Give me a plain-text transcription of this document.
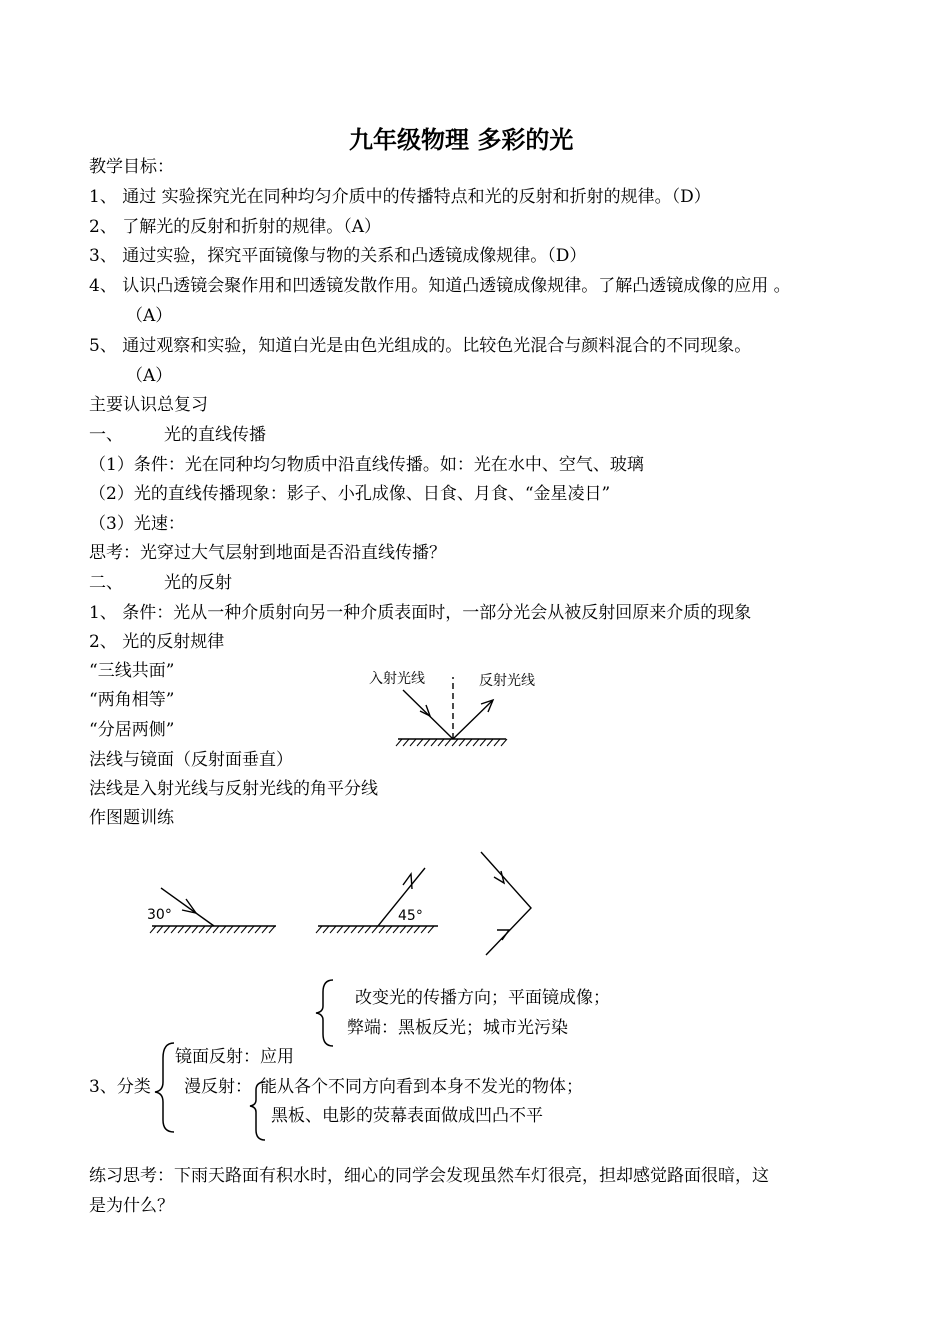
九年级物理 多彩的光
教学目标：
1、 通过 实验探究光在同种均匀介质中的传播特点和光的反射和折射的规律。（D）
2、 了解光的反射和折射的规律。（A）
3、 通过实验，探究平面镜像与物的关系和凸透镜成像规律。（D）
4、 认识凸透镜会聚作用和凹透镜发散作用。知道凸透镜成像规律。了解凸透镜成像的应用 。
（A）
5、 通过观察和实验，知道白光是由色光组成的。比较色光混合与颜料混合的不同现象。
（A）
主要认识总复习
一、 光的直线传播
（1）条件：光在同种均匀物质中沿直线传播。如：光在水中、空气、玻璃
（2）光的直线传播现象：影子、小孔成像、日食、月食、“金星凌日”
（3）光速：
思考：光穿过大气层射到地面是否沿直线传播？
二、 光的反射
1、 条件：光从一种介质射向另一种介质表面时，一部分光会从被反射回原来介质的现象
2、 光的反射规律
“三线共面”
“两角相等”
“分居两侧”
法线与镜面（反射面垂直）
法线是入射光线与反射光线的角平分线
作图题训练
入射光线	反射光线
30°	45°
改变光的传播方向；平面镜成像；
弊端：黑板反光；城市光污染
镜面反射：应用
3、分类 漫反射： 能从各个不同方向看到本身不发光的物体；
黑板、电影的荧幕表面做成凹凸不平
练习思考：下雨天路面有积水时，细心的同学会发现虽然车灯很亮，担却感觉路面很暗，这
是为什么？
